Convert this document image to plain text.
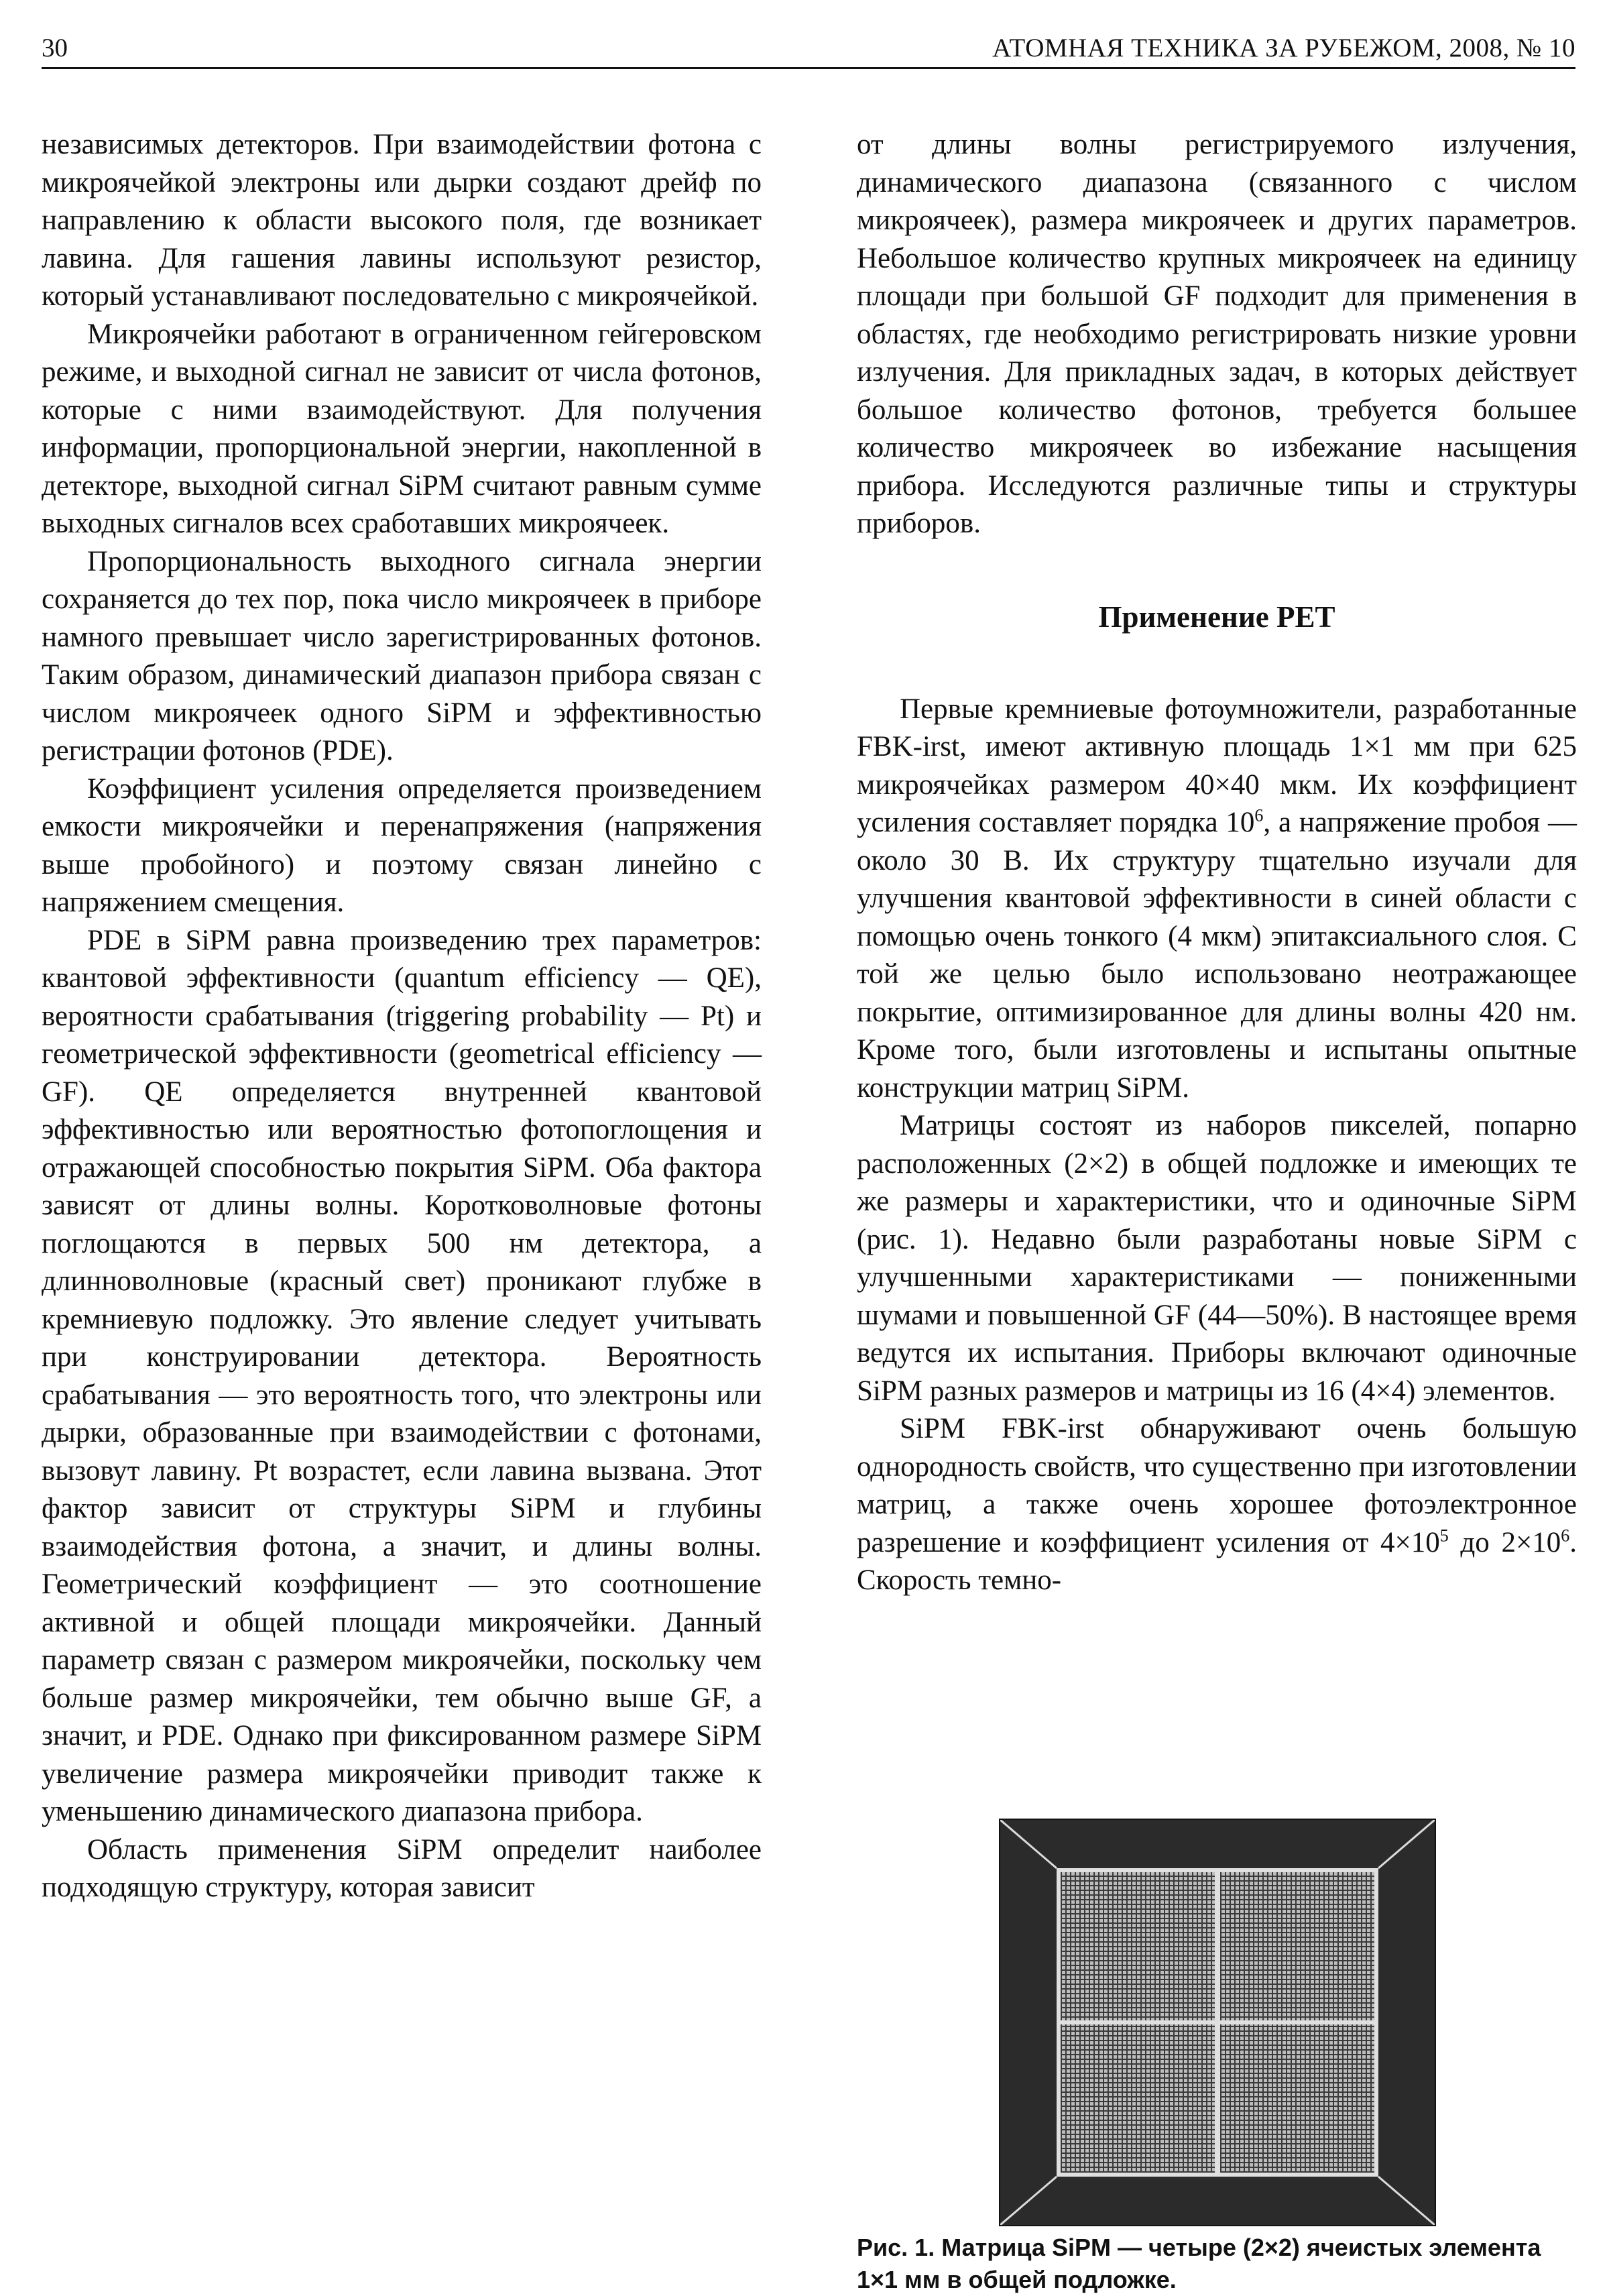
30	АТОМНАЯ ТЕХНИКА ЗА РУБЕЖОМ, 2008, № 10

независимых детекторов. При взаимодействии фотона с микроячейкой электроны или дырки создают дрейф по направлению к области высокого поля, где возникает лавина. Для гашения лавины используют резистор, который устанавливают последовательно с микроячейкой.

Микроячейки работают в ограниченном гейгеровском режиме, и выходной сигнал не зависит от числа фотонов, которые с ними взаимодействуют. Для получения информации, пропорциональной энергии, накопленной в детекторе, выходной сигнал SiPM считают равным сумме выходных сигналов всех сработавших микроячеек.

Пропорциональность выходного сигнала энергии сохраняется до тех пор, пока число микроячеек в приборе намного превышает число зарегистрированных фотонов. Таким образом, динамический диапазон прибора связан с числом микроячеек одного SiPM и эффективностью регистрации фотонов (PDE).

Коэффициент усиления определяется произведением емкости микроячейки и перенапряжения (напряжения выше пробойного) и поэтому связан линейно с напряжением смещения.

PDE в SiPM равна произведению трех параметров: квантовой эффективности (quantum efficiency — QE), вероятности срабатывания (triggering probability — Pt) и геометрической эффективности (geometrical efficiency — GF). QE определяется внутренней квантовой эффективностью или вероятностью фотопоглощения и отражающей способностью покрытия SiPM. Оба фактора зависят от длины волны. Коротковолновые фотоны поглощаются в первых 500 нм детектора, а длинноволновые (красный свет) проникают глубже в кремниевую подложку. Это явление следует учитывать при конструировании детектора. Вероятность срабатывания — это вероятность того, что электроны или дырки, образованные при взаимодействии с фотонами, вызовут лавину. Pt возрастет, если лавина вызвана. Этот фактор зависит от структуры SiPM и глубины взаимодействия фотона, а значит, и длины волны. Геометрический коэффициент — это соотношение активной и общей площади микроячейки. Данный параметр связан с размером микроячейки, поскольку чем больше размер микроячейки, тем обычно выше GF, а значит, и PDE. Однако при фиксированном размере SiPM увеличение размера микроячейки приводит также к уменьшению динамического диапазона прибора.

Область применения SiPM определит наиболее подходящую структуру, которая зависит

от длины волны регистрируемого излучения, динамического диапазона (связанного с числом микроячеек), размера микроячеек и других параметров. Небольшое количество крупных микроячеек на единицу площади при большой GF подходит для применения в областях, где необходимо регистрировать низкие уровни излучения. Для прикладных задач, в которых действует большое количество фотонов, требуется большее количество микроячеек во избежание насыщения прибора. Исследуются различные типы и структуры приборов.

Применение PET

Первые кремниевые фотоумножители, разработанные FBK-irst, имеют активную площадь 1×1 мм при 625 микроячейках размером 40×40 мкм. Их коэффициент усиления составляет порядка $10^6$, а напряжение пробоя — около 30 В. Их структуру тщательно изучали для улучшения квантовой эффективности в синей области с помощью очень тонкого (4 мкм) эпитаксиального слоя. С той же целью было использовано неотражающее покрытие, оптимизированное для длины волны 420 нм. Кроме того, были изготовлены и испытаны опытные конструкции матриц SiPM.

Матрицы состоят из наборов пикселей, попарно расположенных (2×2) в общей подложке и имеющих те же размеры и характеристики, что и одиночные SiPM (рис. 1). Недавно были разработаны новые SiPM с улучшенными характеристиками — пониженными шумами и повышенной GF (44—50%). В настоящее время ведутся их испытания. Приборы включают одиночные SiPM разных размеров и матрицы из 16 (4×4) элементов.

SiPM FBK-irst обнаруживают очень большую однородность свойств, что существенно при изготовлении матриц, а также очень хорошее фотоэлектронное разрешение и коэффициент усиления от $4\times 10^5$ до $2\times 10^6$. Скорость темно-

Рис. 1. Матрица SiPM — четыре (2×2) ячеистых элемента 1×1 мм в общей подложке.
